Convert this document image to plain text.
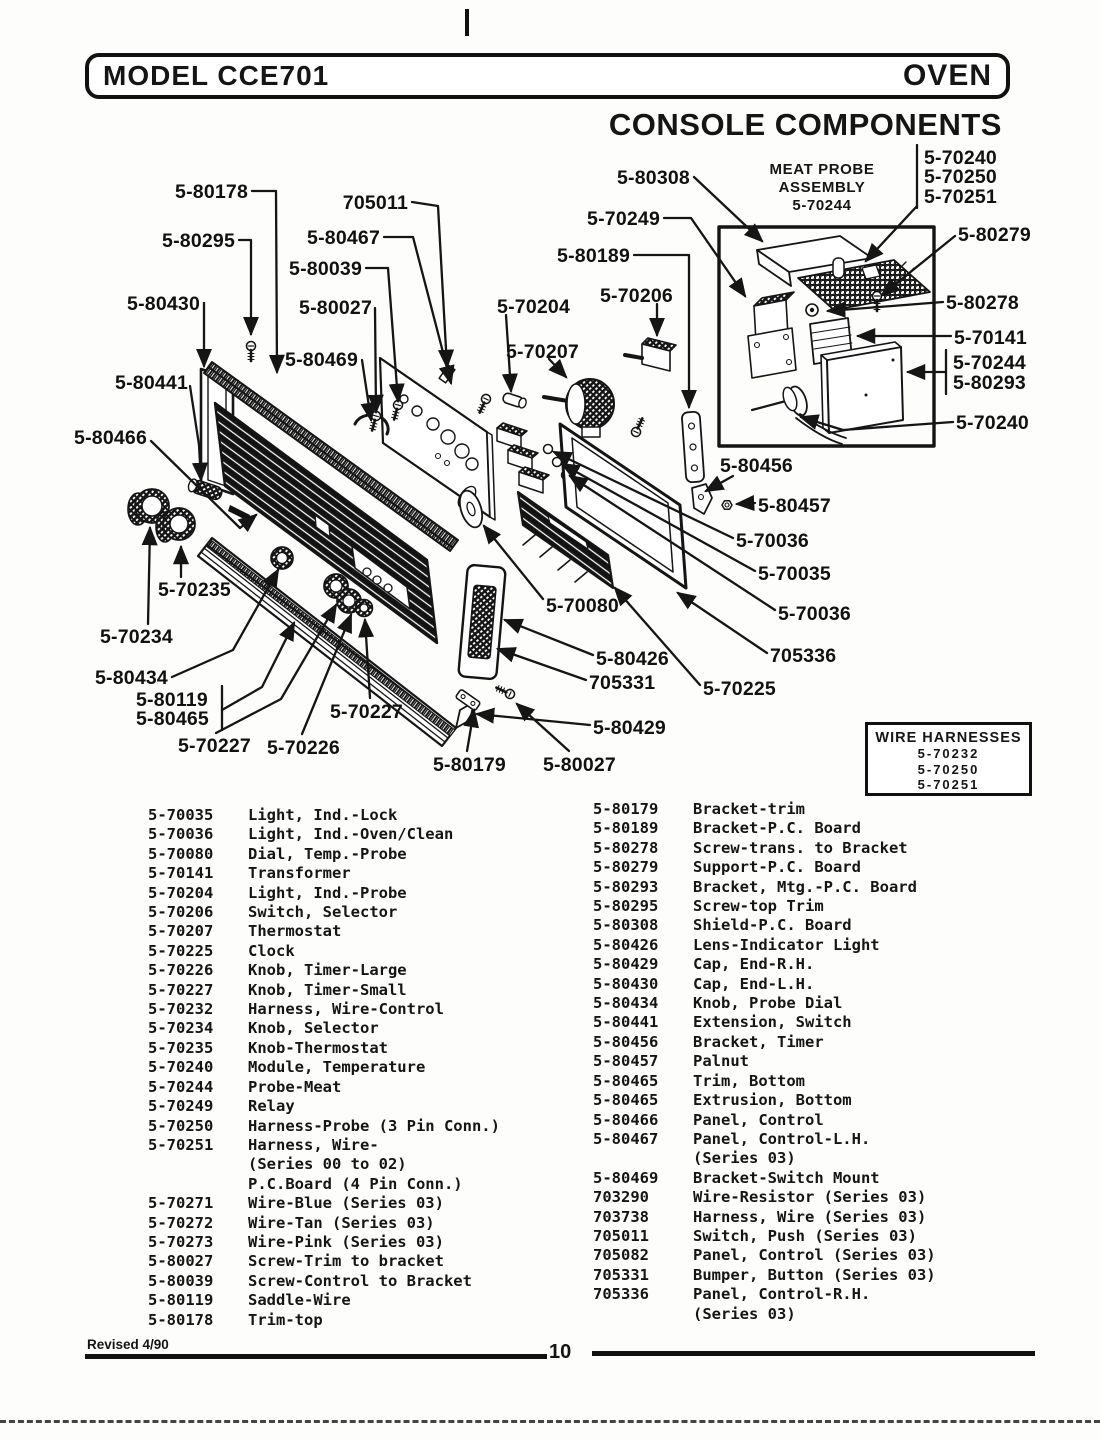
MODEL CCE701	OVEN
CONSOLE COMPONENTS
MEAT PROBE
ASSEMBLY
5-70244
WIRE HARNESSES
5-70232
5-70250
5-70251
5-80178
5-80295
5-80430
5-80441
5-80466
5-70235
5-70234
5-80434
5-80119
5-80465
5-70227 5-70226
5-70227
5-80179 5-80027
705011
5-80467
5-80039
5-80027
5-80469
5-70204 5-70206
5-70207
5-70249
5-80189
5-80308
5-70240
5-70250
5-70251
5-80279
5-80278
5-70141
5-70244
5-80293
5-70240
5-80456
5-80457
5-70036
5-70035
5-70036
5-70080
5-80426
705331
705336
5-70225
5-80429
5-70035	Light, Ind.-Lock
5-70036	Light, Ind.-Oven/Clean
5-70080	Dial, Temp.-Probe
5-70141	Transformer
5-70204	Light, Ind.-Probe
5-70206	Switch, Selector
5-70207	Thermostat
5-70225	Clock
5-70226	Knob, Timer-Large
5-70227	Knob, Timer-Small
5-70232	Harness, Wire-Control
5-70234	Knob, Selector
5-70235	Knob-Thermostat
5-70240	Module, Temperature
5-70244	Probe-Meat
5-70249	Relay
5-70250	Harness-Probe (3 Pin Conn.)
5-70251	Harness, Wire-
(Series 00 to 02)
P.C.Board (4 Pin Conn.)
5-70271	Wire-Blue (Series 03)
5-70272	Wire-Tan (Series 03)
5-70273	Wire-Pink (Series 03)
5-80027	Screw-Trim to bracket
5-80039	Screw-Control to Bracket
5-80119	Saddle-Wire
5-80178	Trim-top
5-80179	Bracket-trim
5-80189	Bracket-P.C. Board
5-80278	Screw-trans. to Bracket
5-80279	Support-P.C. Board
5-80293	Bracket, Mtg.-P.C. Board
5-80295	Screw-top Trim
5-80308	Shield-P.C. Board
5-80426	Lens-Indicator Light
5-80429	Cap, End-R.H.
5-80430	Cap, End-L.H.
5-80434	Knob, Probe Dial
5-80441	Extension, Switch
5-80456	Bracket, Timer
5-80457	Palnut
5-80465	Trim, Bottom
5-80465	Extrusion, Bottom
5-80466	Panel, Control
5-80467	Panel, Control-L.H.
(Series 03)
5-80469	Bracket-Switch Mount
703290	Wire-Resistor (Series 03)
703738	Harness, Wire (Series 03)
705011	Switch, Push (Series 03)
705082	Panel, Control (Series 03)
705331	Bumper, Button (Series 03)
705336	Panel, Control-R.H.
(Series 03)
Revised 4/90	10
